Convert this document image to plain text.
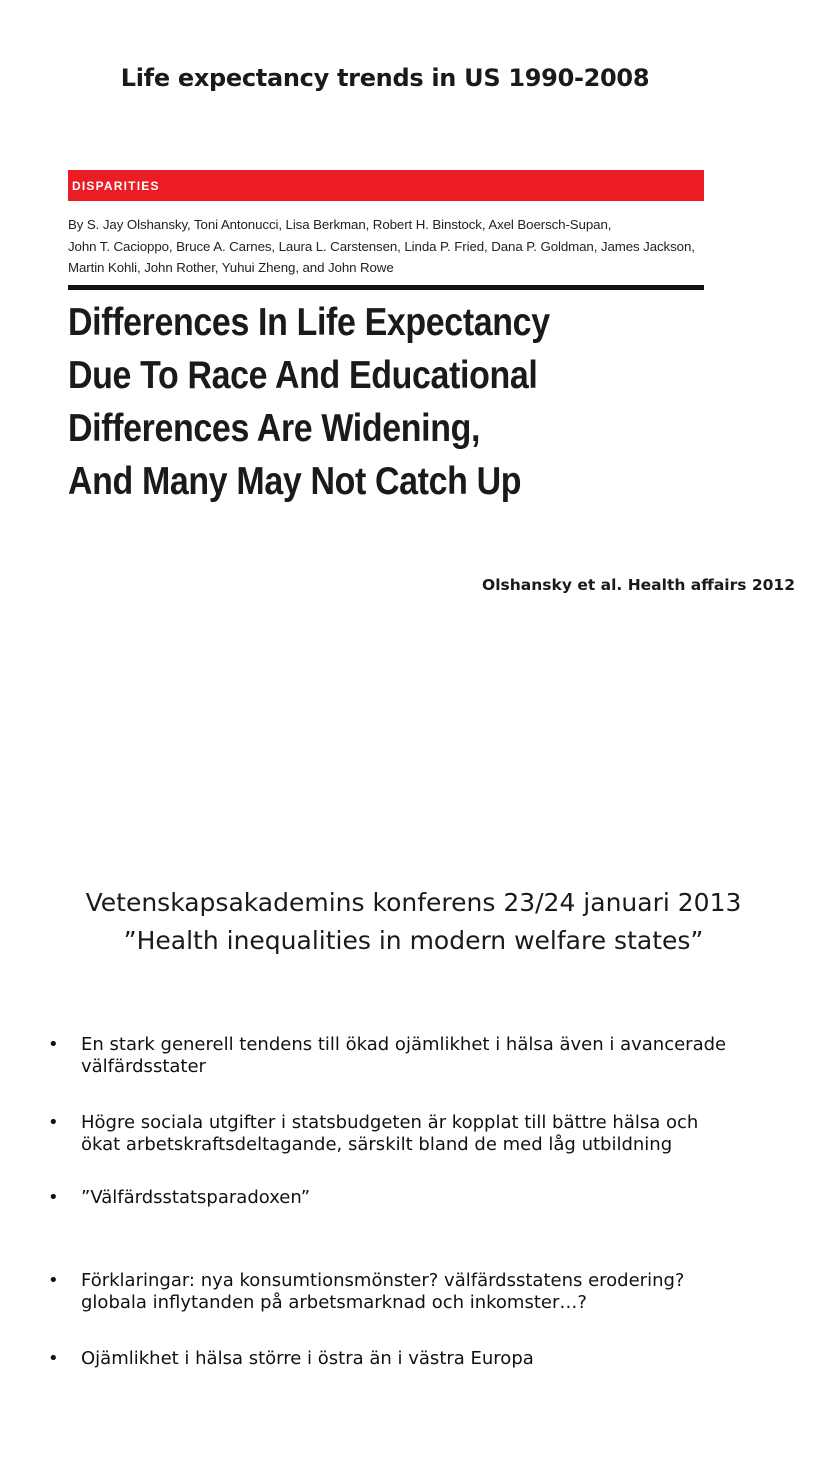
Life expectancy trends in US 1990-2008
DISPARITIES
By S. Jay Olshansky, Toni Antonucci, Lisa Berkman, Robert H. Binstock, Axel Boersch-Supan,
John T. Cacioppo, Bruce A. Carnes, Laura L. Carstensen, Linda P. Fried, Dana P. Goldman, James Jackson,
Martin Kohli, John Rother, Yuhui Zheng, and John Rowe
Differences In Life Expectancy
Due To Race And Educational
Differences Are Widening,
And Many May Not Catch Up
Olshansky et al. Health affairs 2012
Vetenskapsakademins konferens 23/24 januari 2013
”Health inequalities in modern welfare states”
•	En stark generell tendens till ökad ojämlikhet i hälsa även i avancerade
välfärdsstater
•	Högre sociala utgifter i statsbudgeten är kopplat till bättre hälsa och
ökat arbetskraftsdeltagande, särskilt bland de med låg utbildning
•	”Välfärdsstatsparadoxen”
•	Förklaringar: nya konsumtionsmönster? välfärdsstatens erodering?
globala inflytanden på arbetsmarknad och inkomster…?
•	Ojämlikhet i hälsa större i östra än i västra Europa
